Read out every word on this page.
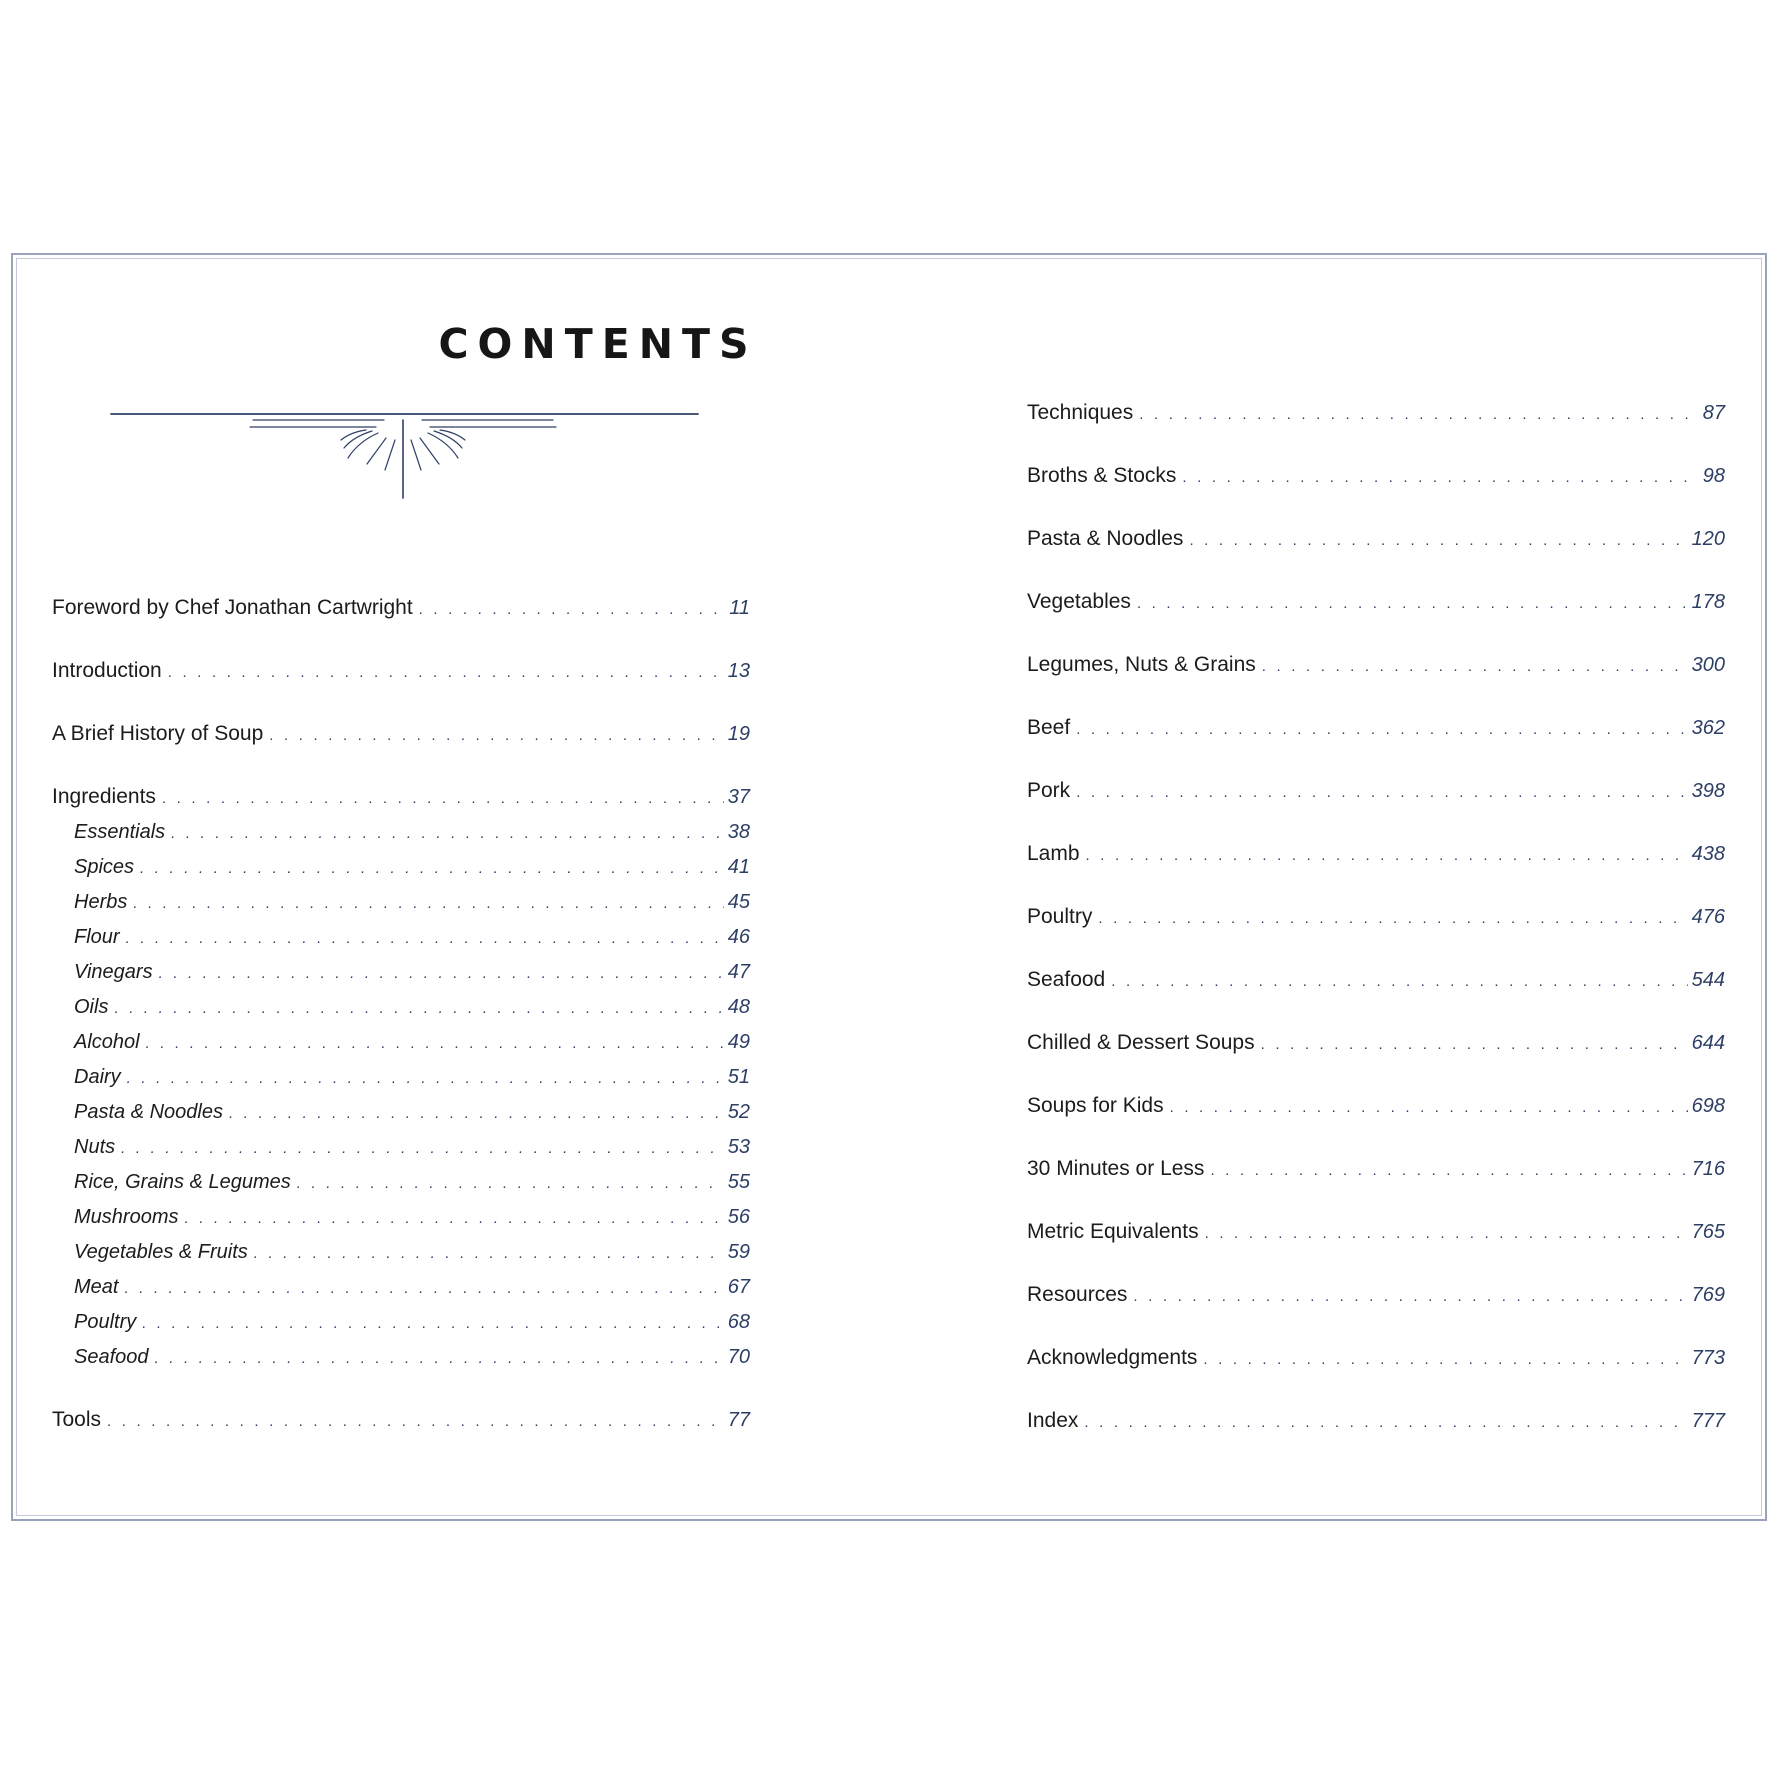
CONTENTS
Foreword by Chef Jonathan Cartwright . . .	11
Introduction . . .	13
A Brief History of Soup . . .	19
Ingredients . . .	37
Essentials . . .	38
Spices . . .	41
Herbs . . .	45
Flour . . .	46
Vinegars . . .	47
Oils . . .	48
Alcohol . . .	49
Dairy . . .	51
Pasta & Noodles . . .	52
Nuts . . .	53
Rice, Grains & Legumes . . .	55
Mushrooms . . .	56
Vegetables & Fruits . . .	59
Meat . . .	67
Poultry . . .	68
Seafood . . .	70
Tools . . .	77
Techniques . . .	87
Broths & Stocks . . .	98
Pasta & Noodles . . .	120
Vegetables . . .	178
Legumes, Nuts & Grains . . .	300
Beef . . .	362
Pork . . .	398
Lamb . . .	438
Poultry . . .	476
Seafood . . .	544
Chilled & Dessert Soups . . .	644
Soups for Kids . . .	698
30 Minutes or Less . . .	716
Metric Equivalents . . .	765
Resources . . .	769
Acknowledgments . . .	773
Index . . .	777
